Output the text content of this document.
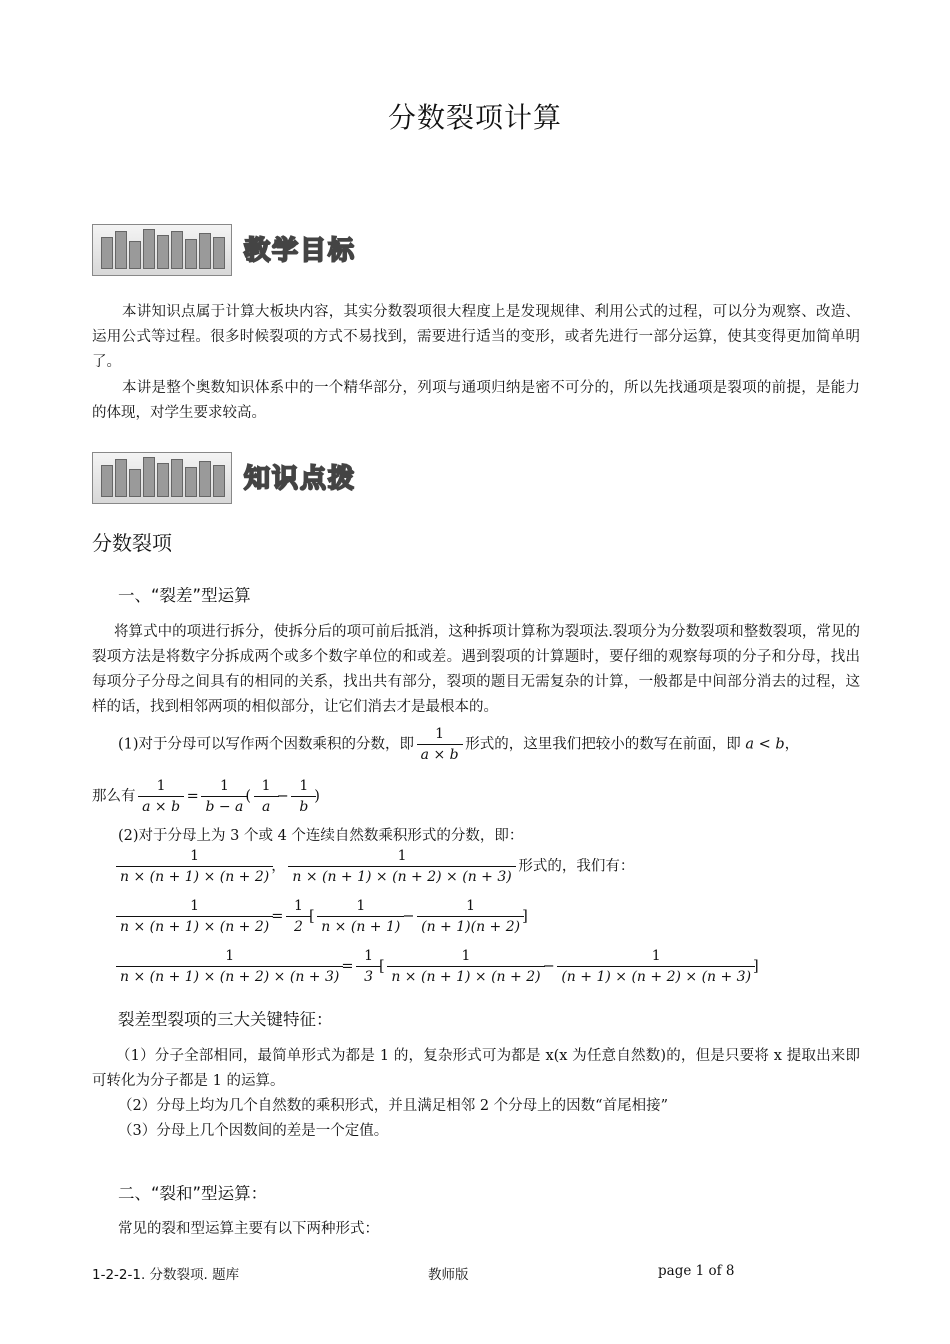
分数裂项计算
教学目标
本讲知识点属于计算大板块内容，其实分数裂项很大程度上是发现规律、利用公式的过程，可以分为观察、改造、运用公式等过程。很多时候裂项的方式不易找到，需要进行适当的变形，或者先进行一部分运算，使其变得更加简单明了。
本讲是整个奥数知识体系中的一个精华部分，列项与通项归纳是密不可分的，所以先找通项是裂项的前提，是能力的体现，对学生要求较高。
知识点拨
分数裂项
一、“裂差”型运算
将算式中的项进行拆分，使拆分后的项可前后抵消，这种拆项计算称为裂项法.裂项分为分数裂项和整数裂项，常见的裂项方法是将数字分拆成两个或多个数字单位的和或差。遇到裂项的计算题时，要仔细的观察每项的分子和分母，找出每项分子分母之间具有的相同的关系，找出共有部分，裂项的题目无需复杂的计算，一般都是中间部分消去的过程，这样的话，找到相邻两项的相似部分，让它们消去才是最根本的。
(1)对于分母可以写作两个因数乘积的分数，即 $\frac{1}{a \times b}$ 形式的，这里我们把较小的数写在前面，即 a < b，
那么有 $\frac{1}{a \times b} = \frac{1}{b - a}$ ( $\frac{1}{a} - \frac{1}{b}$ )
(2)对于分母上为 3 个或 4 个连续自然数乘积形式的分数，即：
$\frac{1}{n \times (n + 1) \times (n + 2)}$ ， $\frac{1}{n \times (n + 1) \times (n + 2) \times (n + 3)}$ 形式的，我们有：
$\frac{1}{n \times (n + 1) \times (n + 2)} = \frac{1}{2}$ [ $\frac{1}{n \times (n + 1)} - \frac{1}{(n + 1)(n + 2)}$ ]
$\frac{1}{n \times (n + 1) \times (n + 2) \times (n + 3)} = \frac{1}{3}$ [ $\frac{1}{n \times (n + 1) \times (n + 2)} - \frac{1}{(n + 1) \times (n + 2) \times (n + 3)}$ ]
裂差型裂项的三大关键特征：
（1）分子全部相同，最简单形式为都是 1 的，复杂形式可为都是 x(x 为任意自然数)的，但是只要将 x 提取出来即可转化为分子都是 1 的运算。
（2）分母上均为几个自然数的乘积形式，并且满足相邻 2 个分母上的因数“首尾相接”
（3）分母上几个因数间的差是一个定值。
二、“裂和”型运算：
常见的裂和型运算主要有以下两种形式：
1-2-2-1. 分数裂项. 题库	教师版	page 1 of 8
